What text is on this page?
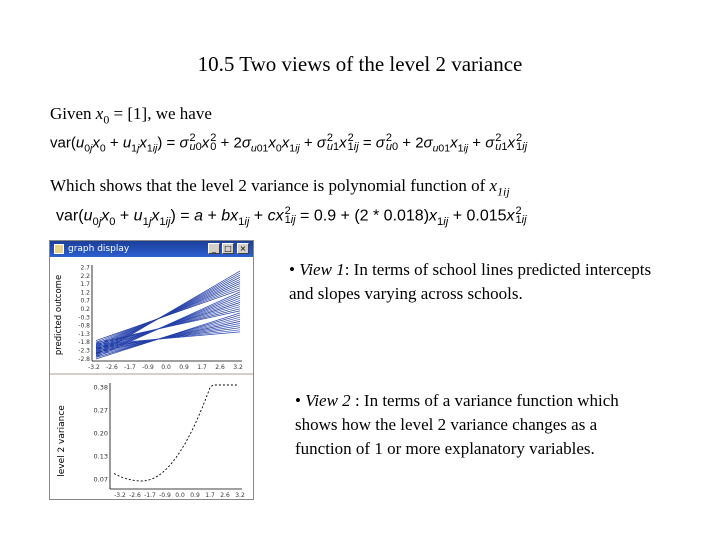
10.5 Two views of the level 2 variance
Given $x_0 = [1]$, we have
$var(u_{0j}x_0 + u_{1j}x_{1ij}) = \sigma$ 2
u0 x 2
$0 + 2\sigma_{u01}x_0x_{1ij} + \sigma$ 2
u1 x 2
1ij = σ 2
$u0 + 2\sigma_{u01}x_{1ij} + \sigma$ 2
u1 x 2
1ij
Which shows that the level 2 variance is polynomial function of $x_{1ij}$
$var(u_{0j}x_0 + u_{1j}x_{1ij}) = a + bx_{1ij}$ + cx 2
$1ij = 0.9 + (2 * 0.018)x_{1ij} + 0.015x$ 2
1ij
graph display	_	□ ×
predicted outcome
2.7
2.2
1.7
1.2
0.7
0.2
-0.3
-0.8
-1.3
-1.8
-2.3
-2.8
-3.2 -2.6 -1.7 -0.9 0.0 0.9 1.7 2.6 3.2
level 2 variance
0.38
0.27
0.20
0.13
0.07
-3.2 -2.6 -1.7 -0.9 0.0 0.9 1.7 2.6 3.2
• View 1: In terms of school lines predicted intercepts and slopes varying across schools.
• View 2 : In terms of a variance function which shows how the level 2 variance changes as a function of 1 or more explanatory variables.
